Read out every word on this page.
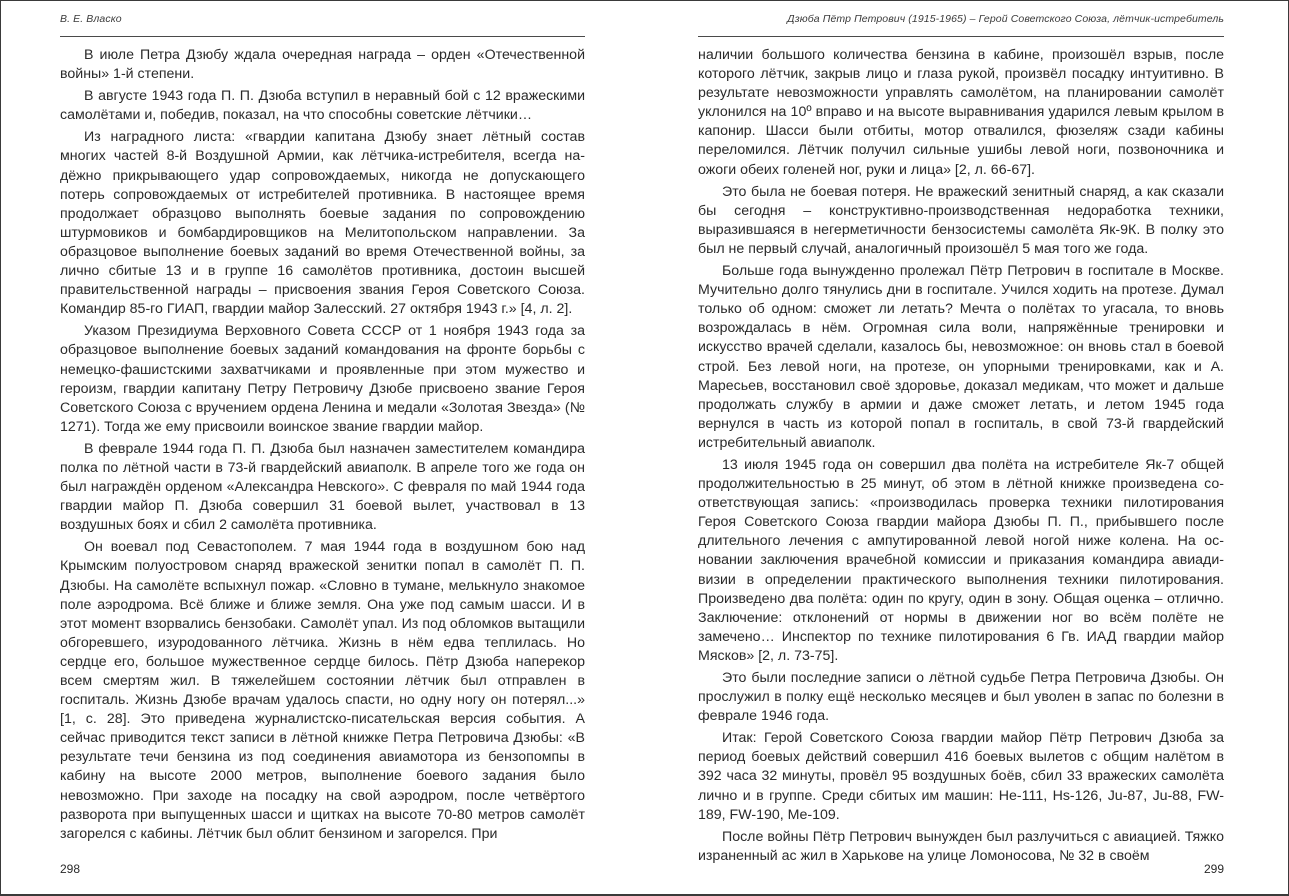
В. Е. Власко

В июле Петра Дзюбу ждала очередная награда – орден «Отечественной войны» 1-й степени.

В августе 1943 года П. П. Дзюба вступил в неравный бой с 12 вражескими самолётами и, победив, показал, на что способны советские лётчики…

Из наградного листа: «гвардии капитана Дзюбу знает лётный состав многих частей 8-й Воздушной Армии, как лётчика-истребителя, всегда надёжно прикрывающего удар сопровождаемых, никогда не допускающего потерь сопровождаемых от истребителей противника. В настоящее время продолжает образцово выполнять боевые задания по сопровождению штурмовиков и бомбардировщиков на Мелитопольском направлении. За образцовое выполнение боевых заданий во время Отечественной войны, за лично сбитые 13 и в группе 16 самолётов противника, достоин высшей правительственной награды – присвоения звания Героя Советского Союза. Командир 85-го ГИАП, гвардии майор Залесский. 27 октября 1943 г.» [4, л. 2].

Указом Президиума Верховного Совета СССР от 1 ноября 1943 года за образцовое выполнение боевых заданий командования на фронте борьбы с немецко-фашистскими захватчиками и проявленные при этом мужество и героизм, гвардии капитану Петру Петровичу Дзюбе присвоено звание Героя Советского Союза с вручением ордена Ленина и медали «Золотая Звезда» (№ 1271). Тогда же ему присвоили воинское звание гвардии майор.

В феврале 1944 года П. П. Дзюба был назначен заместителем командира полка по лётной части в 73-й гвардейский авиаполк. В апреле того же года он был награждён орденом «Александра Невского». С февраля по май 1944 года гвардии майор П. Дзюба совершил 31 боевой вылет, участвовал в 13 воздушных боях и сбил 2 самолёта противника.

Он воевал под Севастополем. 7 мая 1944 года в воздушном бою над Крымским полуостровом снаряд вражеской зенитки попал в самолёт П. П. Дзюбы. На самолёте вспыхнул пожар. «Словно в тумане, мелькнуло знакомое поле аэродрома. Всё ближе и ближе земля. Она уже под самым шасси. И в этот момент взорвались бензобаки. Самолёт упал. Из под обломков вытащили обгоревшего, изуродованного лётчика. Жизнь в нём едва теплилась. Но сердце его, большое мужественное сердце билось. Пётр Дзюба наперекор всем смертям жил. В тяжелейшем состоянии лётчик был отправлен в госпиталь. Жизнь Дзюбе врачам удалось спасти, но одну ногу он потерял...» [1, с. 28]. Это приведена журналистско-писательская версия события. А сейчас приводится текст записи в лётной книжке Петра Петровича Дзюбы: «В результате течи бензина из под соединения авиамотора из бензопомпы в кабину на высоте 2000 метров, выполнение боевого задания было невозможно. При заходе на посадку на свой аэродром, после четвёртого разворота при выпущенных шасси и щитках на высоте 70-80 метров самолёт загорелся с кабины. Лётчик был облит бензином и загорелся. При

298
Дзюба Пётр Петрович (1915-1965) – Герой Советского Союза, лётчик-истребитель

наличии большого количества бензина в кабине, произошёл взрыв, после которого лётчик, закрыв лицо и глаза рукой, произвёл посадку интуитивно. В результате невозможности управлять самолётом, на планировании самолёт уклонился на 10º вправо и на высоте выравнивания ударился левым крылом в капонир. Шасси были отбиты, мотор отвалился, фюзеляж сзади кабины переломился. Лётчик получил сильные ушибы левой ноги, позвоночника и ожоги обеих голеней ног, руки и лица» [2, л. 66-67].

Это была не боевая потеря. Не вражеский зенитный снаряд, а как сказали бы сегодня – конструктивно-производственная недоработка техники, выразившаяся в негерметичности бензосистемы самолёта Як-9К. В полку это был не первый случай, аналогичный произошёл 5 мая того же года.

Больше года вынужденно пролежал Пётр Петрович в госпитале в Москве. Мучительно долго тянулись дни в госпитале. Учился ходить на протезе. Думал только об одном: сможет ли летать? Мечта о полётах то угасала, то вновь возрождалась в нём. Огромная сила воли, напряжённые тренировки и искусство врачей сделали, казалось бы, невозможное: он вновь стал в боевой строй. Без левой ноги, на протезе, он упорными тренировками, как и А. Маресьев, восстановил своё здоровье, доказал медикам, что может и дальше продолжать службу в армии и даже сможет летать, и летом 1945 года вернулся в часть из которой попал в госпиталь, в свой 73-й гвардейский истребительный авиаполк.

13 июля 1945 года он совершил два полёта на истребителе Як-7 общей продолжительностью в 25 минут, об этом в лётной книжке произведена соответствующая запись: «производилась проверка техники пилотирования Героя Советского Союза гвардии майора Дзюбы П. П., прибывшего после длительного лечения с ампутированной левой ногой ниже колена. На основании заключения врачебной комиссии и приказания командира авиадивизии в определении практического выполнения техники пилотирования. Произведено два полёта: один по кругу, один в зону. Общая оценка – отлично. Заключение: отклонений от нормы в движении ног во всём полёте не замечено… Инспектор по технике пилотирования 6 Гв. ИАД гвардии майор Мясков» [2, л. 73-75].

Это были последние записи о лётной судьбе Петра Петровича Дзюбы. Он прослужил в полку ещё несколько месяцев и был уволен в запас по болезни в феврале 1946 года.

Итак: Герой Советского Союза гвардии майор Пётр Петрович Дзюба за период боевых действий совершил 416 боевых вылетов с общим налётом в 392 часа 32 минуты, провёл 95 воздушных боёв, сбил 33 вражеских самолёта лично и в группе. Среди сбитых им машин: Не-111, Hs-126, Ju-87, Ju-88, FW-189, FW-190, Me-109.

После войны Пётр Петрович вынужден был разлучиться с авиацией. Тяжко израненный ас жил в Харькове на улице Ломоносова, № 32 в своём

299
